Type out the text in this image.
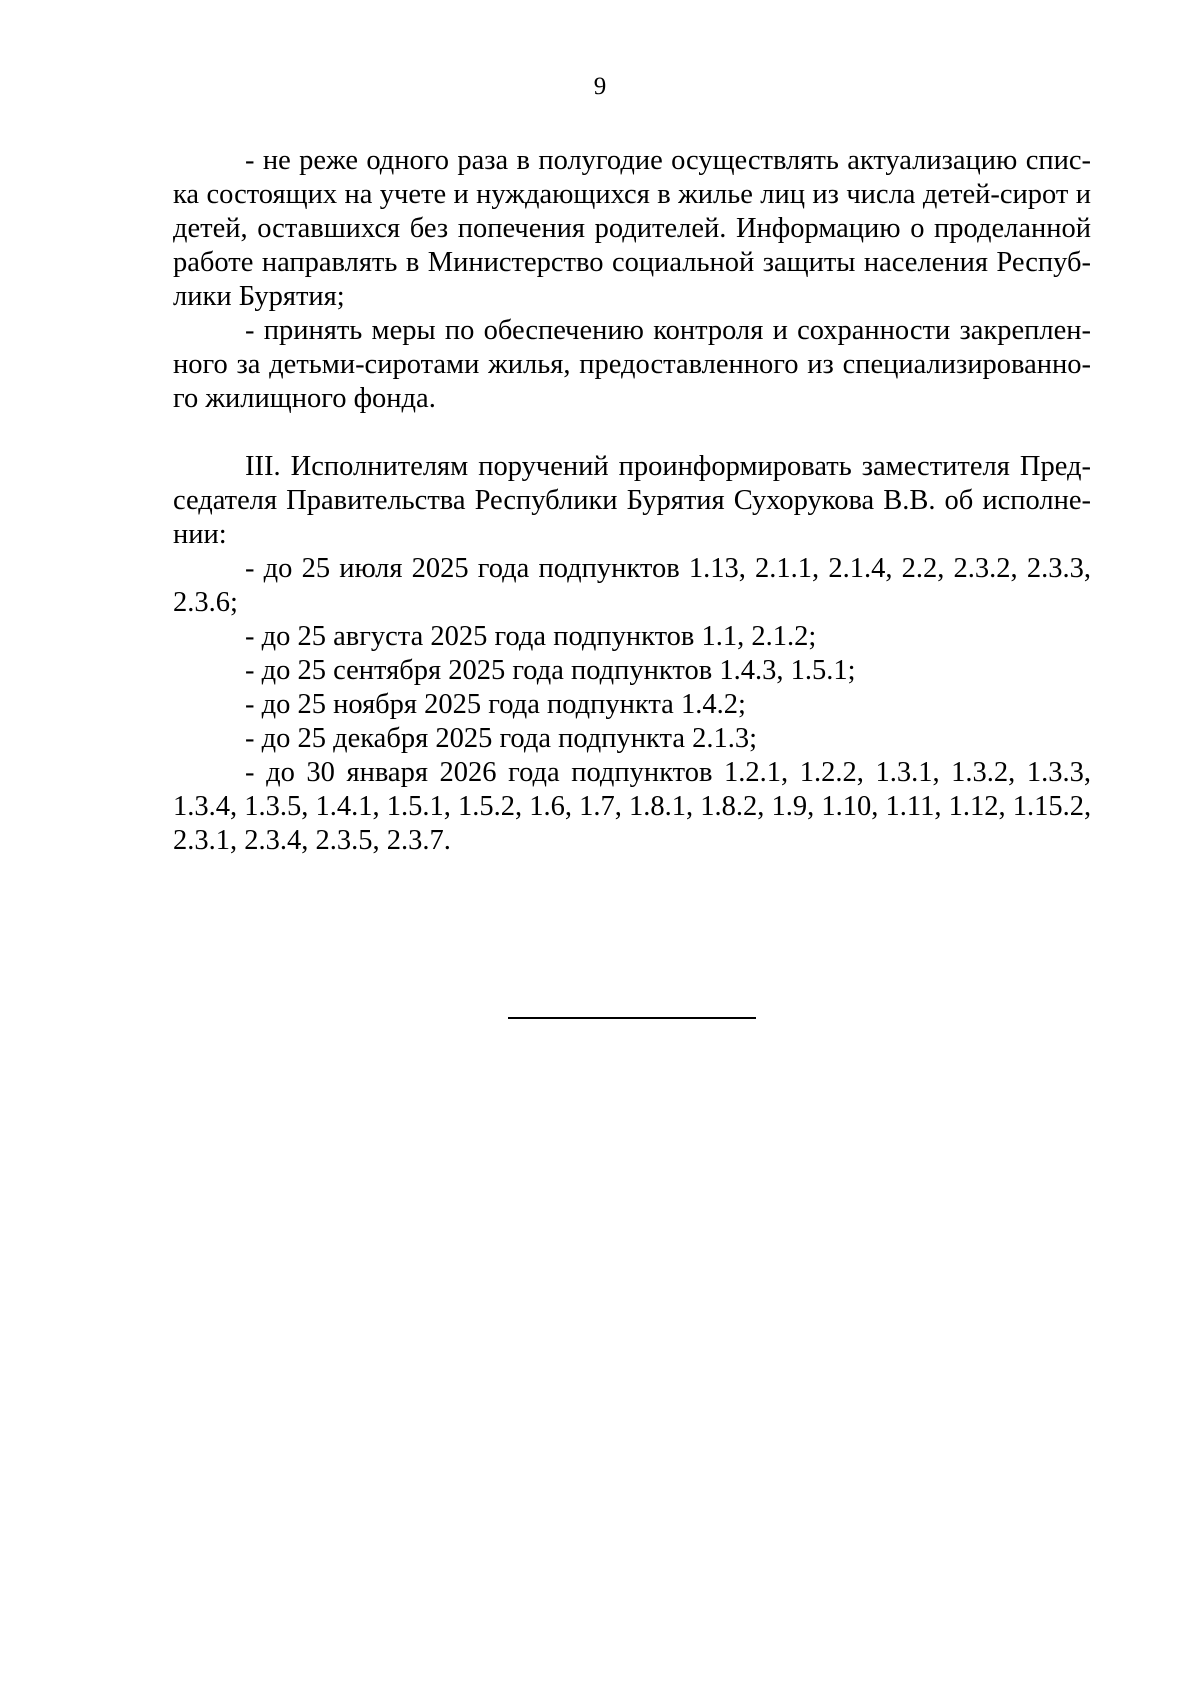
9
- не реже одного раза в полугодие осуществлять актуализацию спис-
ка состоящих на учете и нуждающихся в жилье лиц из числа детей-сирот и
детей, оставшихся без попечения родителей. Информацию о проделанной
работе направлять в Министерство социальной защиты населения Респуб-
лики Бурятия;
- принять меры по обеспечению контроля и сохранности закреплен-
ного за детьми-сиротами жилья, предоставленного из специализированно-
го жилищного фонда.
III. Исполнителям поручений проинформировать заместителя Пред-
седателя Правительства Республики Бурятия Сухорукова В.В. об исполне-
нии:
- до 25 июля 2025 года подпунктов 1.13, 2.1.1, 2.1.4, 2.2, 2.3.2, 2.3.3,
2.3.6;
- до 25 августа 2025 года подпунктов 1.1, 2.1.2;
- до 25 сентября 2025 года подпунктов 1.4.3, 1.5.1;
- до 25 ноября 2025 года подпункта 1.4.2;
- до 25 декабря 2025 года подпункта 2.1.3;
- до 30 января 2026 года подпунктов 1.2.1, 1.2.2, 1.3.1, 1.3.2, 1.3.3,
1.3.4, 1.3.5, 1.4.1, 1.5.1, 1.5.2, 1.6, 1.7, 1.8.1, 1.8.2, 1.9, 1.10, 1.11, 1.12, 1.15.2,
2.3.1, 2.3.4, 2.3.5, 2.3.7.
